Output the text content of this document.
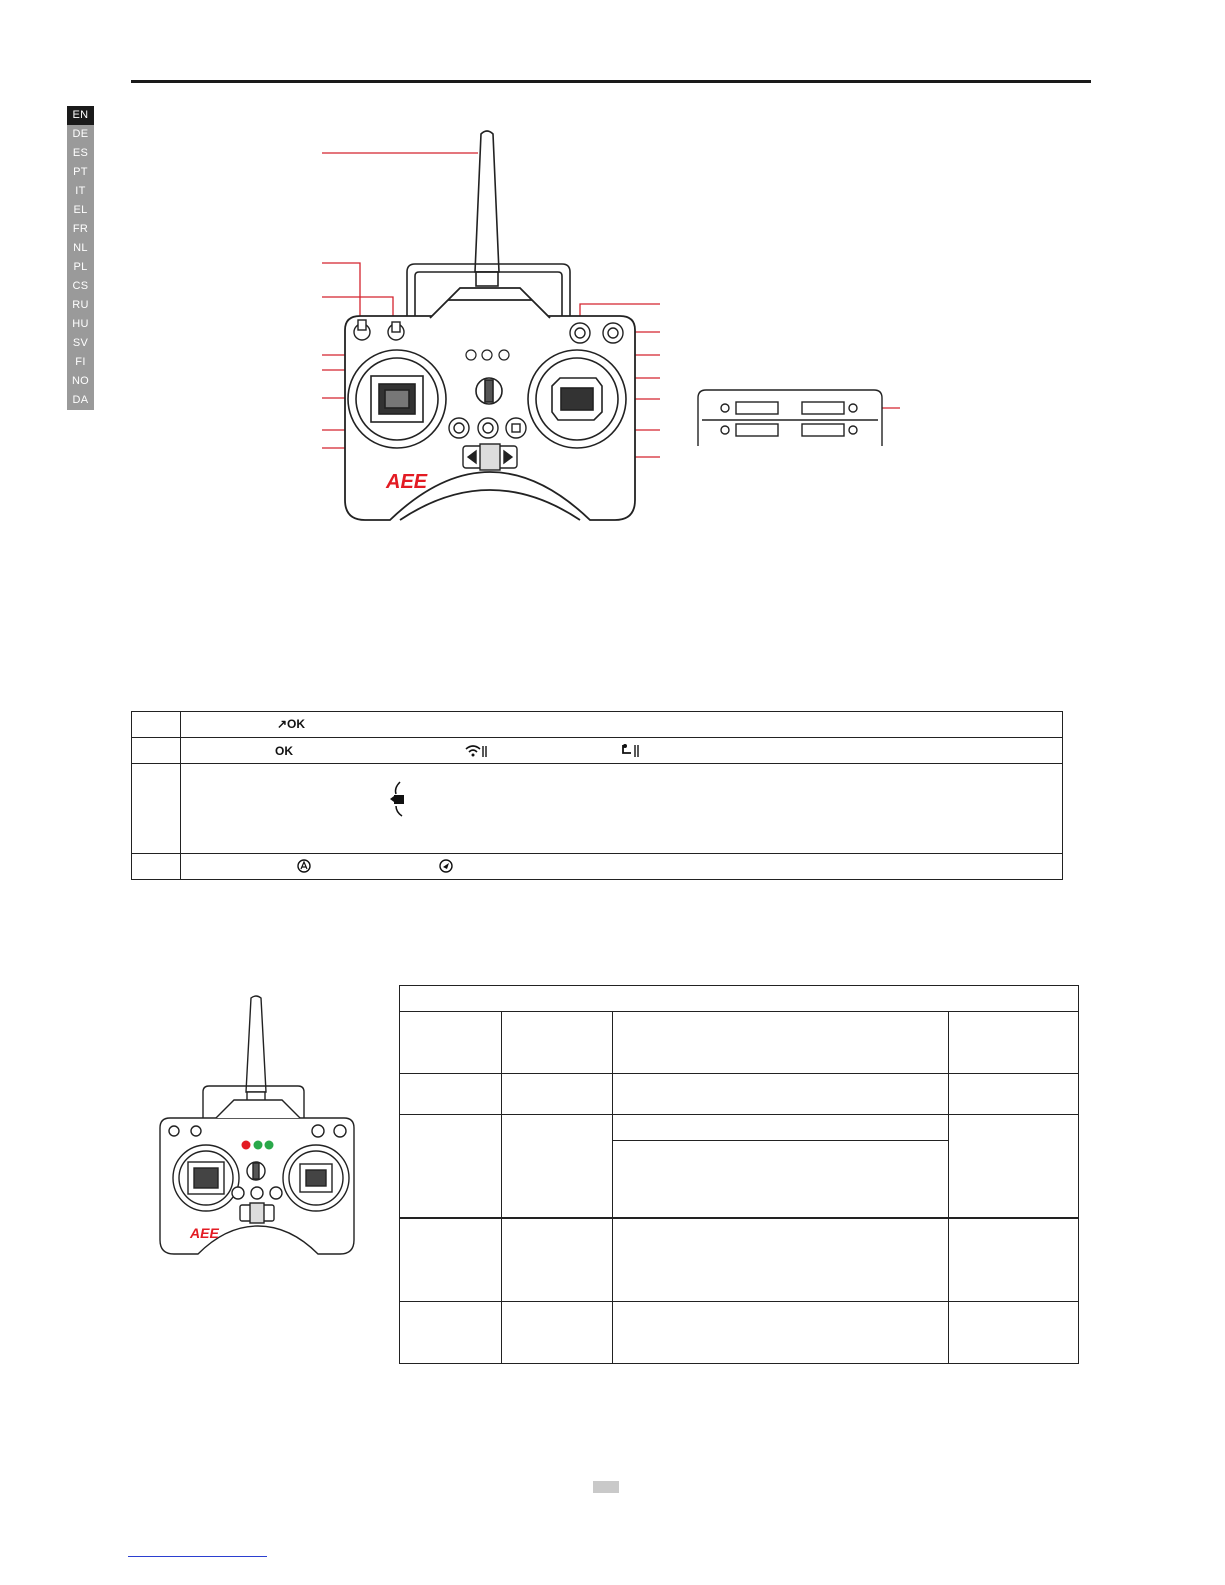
EN
DE
ES
PT
IT
EL
FR
NL
PL
CS
RU
HU
SV
FI
NO
DA
AEE

	↗OK

	OK

AEE
